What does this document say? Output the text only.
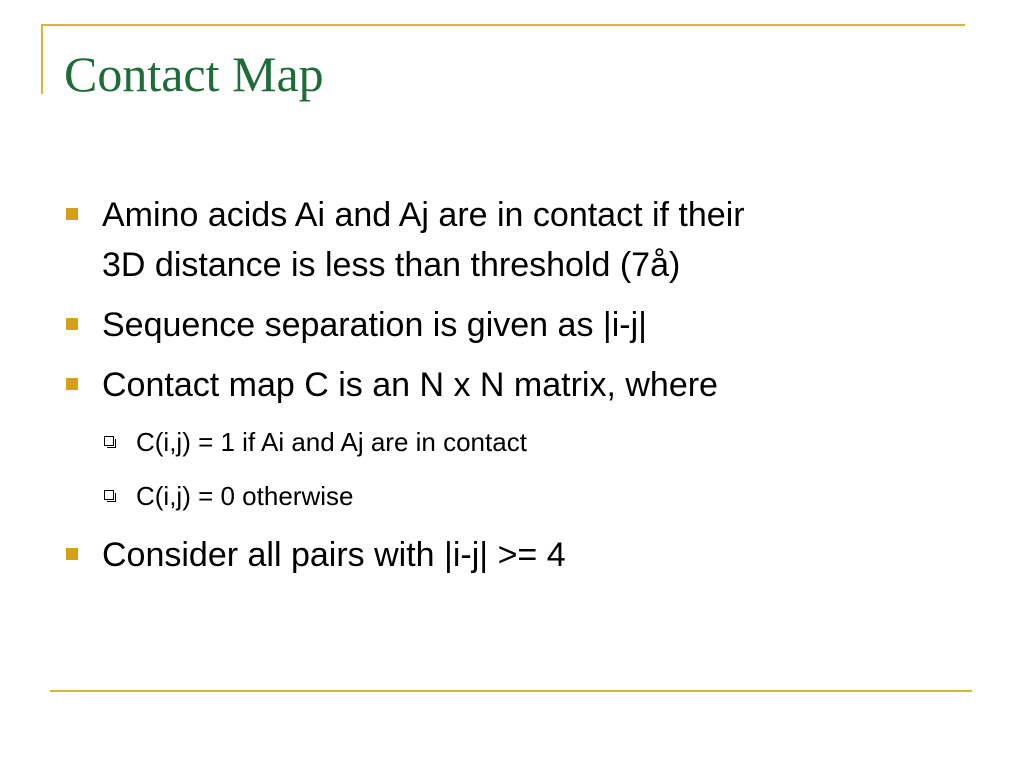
Contact Map
Amino acids Ai and Aj are in contact if their
3D distance is less than threshold (7å)
Sequence separation is given as |i-j|
Contact map C is an N x N matrix, where
C(i,j) = 1 if Ai and Aj are in contact
C(i,j) = 0 otherwise
Consider all pairs with |i-j| >= 4
